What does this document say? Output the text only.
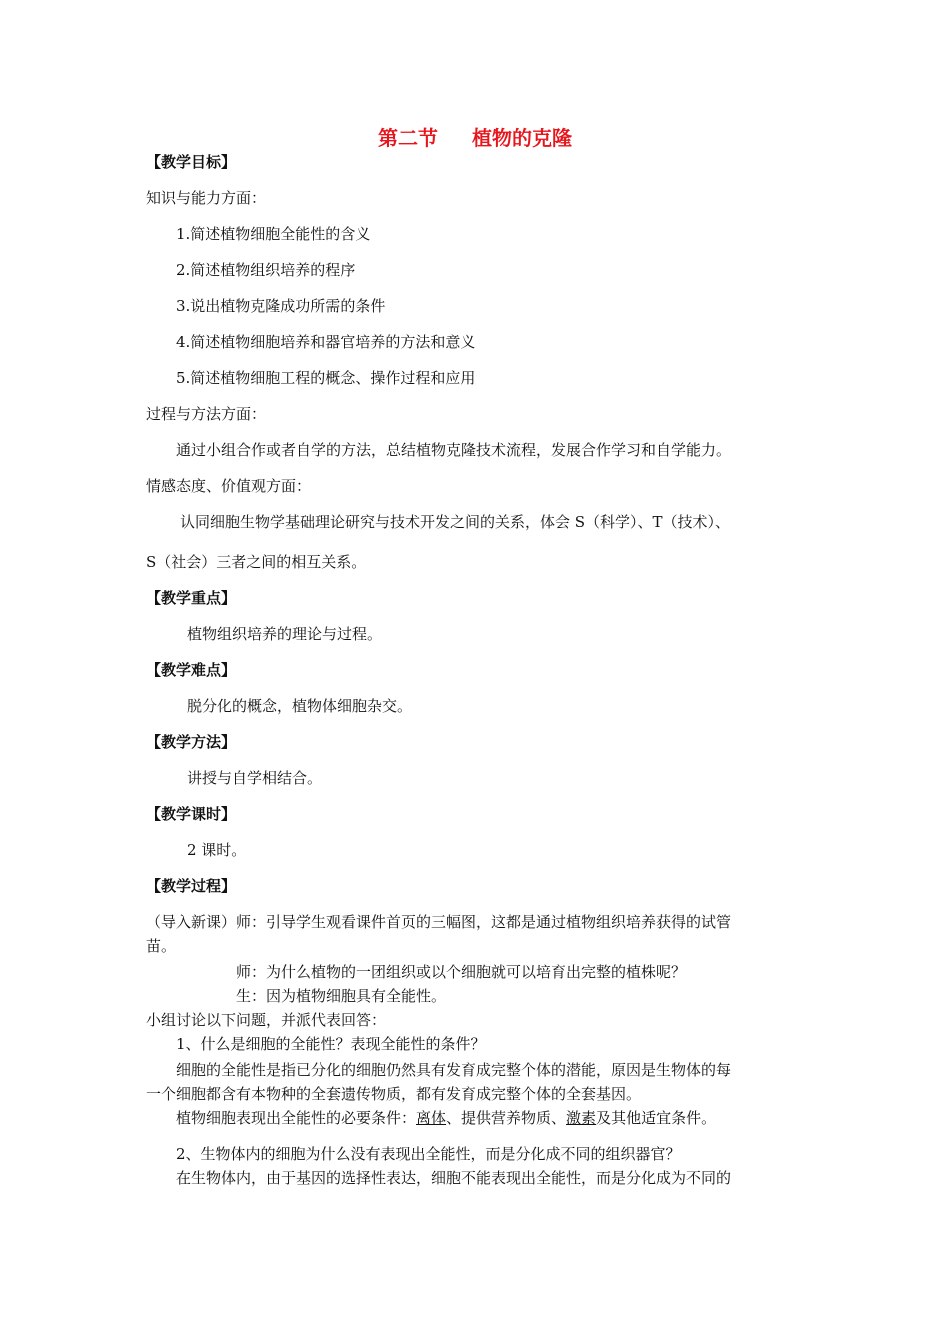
第二节 植物的克隆
【教学目标】
知识与能力方面：
1.简述植物细胞全能性的含义
2.简述植物组织培养的程序
3.说出植物克隆成功所需的条件
4.简述植物细胞培养和器官培养的方法和意义
5.简述植物细胞工程的概念、操作过程和应用
过程与方法方面：
通过小组合作或者自学的方法，总结植物克隆技术流程，发展合作学习和自学能力。
情感态度、价值观方面：
认同细胞生物学基础理论研究与技术开发之间的关系，体会 S（科学）、T（技术）、
S（社会）三者之间的相互关系。
【教学重点】
植物组织培养的理论与过程。
【教学难点】
脱分化的概念，植物体细胞杂交。
【教学方法】
讲授与自学相结合。
【教学课时】
2 课时。
【教学过程】
（导入新课）师：引导学生观看课件首页的三幅图，这都是通过植物组织培养获得的试管
苗。
师：为什么植物的一团组织或以个细胞就可以培育出完整的植株呢？
生：因为植物细胞具有全能性。
小组讨论以下问题，并派代表回答：
1、什么是细胞的全能性？表现全能性的条件？
细胞的全能性是指已分化的细胞仍然具有发育成完整个体的潜能，原因是生物体的每
一个细胞都含有本物种的全套遗传物质，都有发育成完整个体的全套基因。
植物细胞表现出全能性的必要条件：离体、提供营养物质、激素及其他适宜条件。
2、生物体内的细胞为什么没有表现出全能性，而是分化成不同的组织器官？
在生物体内，由于基因的选择性表达，细胞不能表现出全能性，而是分化成为不同的
